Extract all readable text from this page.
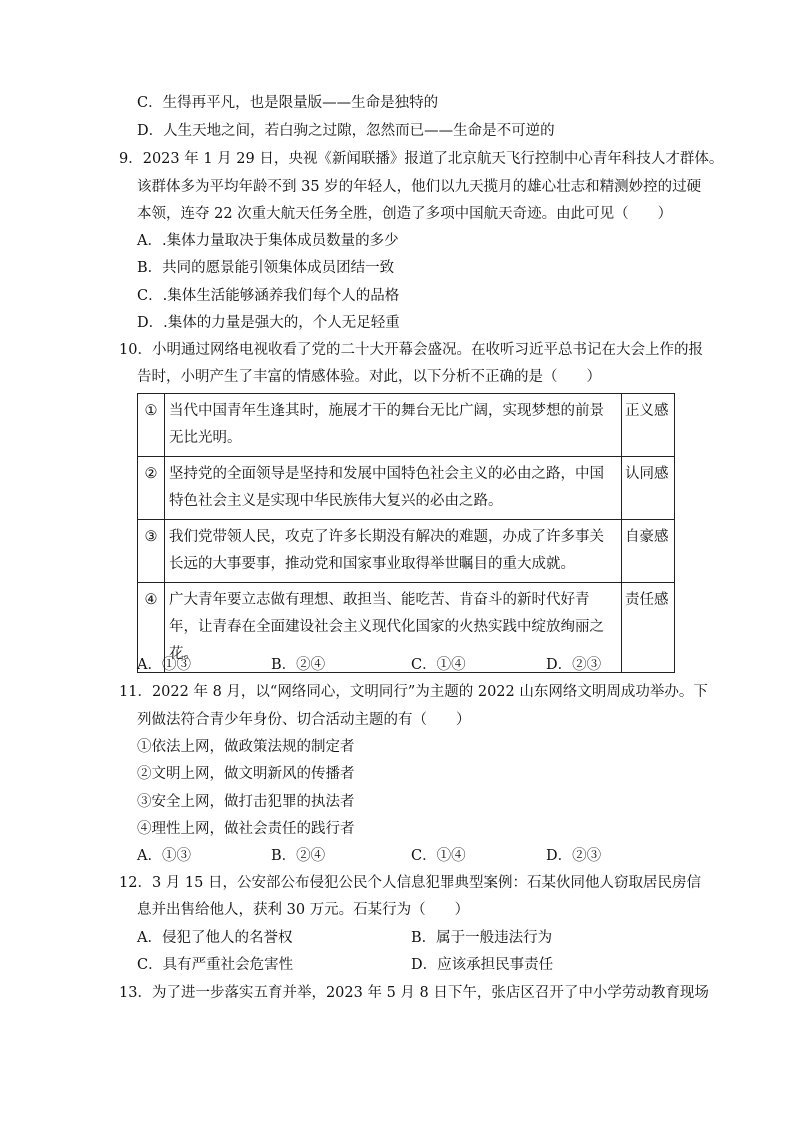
C．生得再平凡，也是限量版——生命是独特的
D．人生天地之间，若白驹之过隙，忽然而已——生命是不可逆的
9．2023 年 1 月 29 日，央视《新闻联播》报道了北京航天飞行控制中心青年科技人才群体。
该群体多为平均年龄不到 35 岁的年轻人，他们以九天揽月的雄心壮志和精测妙控的过硬
本领，连夺 22 次重大航天任务全胜，创造了多项中国航天奇迹。由此可见（　　）
A．.集体力量取决于集体成员数量的多少
B．共同的愿景能引领集体成员团结一致
C．.集体生活能够涵养我们每个人的品格
D．.集体的力量是强大的，个人无足轻重
10．小明通过网络电视收看了党的二十大开幕会盛况。在收听习近平总书记在大会上作的报
告时，小明产生了丰富的情感体验。对此，以下分析不正确的是（　　）
①	当代中国青年生逢其时，施展才干的舞台无比广阔，实现梦想的前景无比光明。	正义感
②	坚持党的全面领导是坚持和发展中国特色社会主义的必由之路，中国特色社会主义是实现中华民族伟大复兴的必由之路。	认同感
③	我们党带领人民，攻克了许多长期没有解决的难题，办成了许多事关长远的大事要事，推动党和国家事业取得举世瞩目的重大成就。	自豪感
④	广大青年要立志做有理想、敢担当、能吃苦、肯奋斗的新时代好青年，让青春在全面建设社会主义现代化国家的火热实践中绽放绚丽之花。	责任感
A．①③	B．②④	C．①④	D．②③
11．2022 年 8 月，以“网络同心，文明同行”为主题的 2022 山东网络文明周成功举办。下
列做法符合青少年身份、切合活动主题的有（　　）
①依法上网，做政策法规的制定者
②文明上网，做文明新风的传播者
③安全上网，做打击犯罪的执法者
④理性上网，做社会责任的践行者
A．①③	B．②④	C．①④	D．②③
12．3 月 15 日，公安部公布侵犯公民个人信息犯罪典型案例：石某伙同他人窃取居民房信
息并出售给他人，获利 30 万元。石某行为（　　）
A．侵犯了他人的名誉权	B．属于一般违法行为
C．具有严重社会危害性	D．应该承担民事责任
13．为了进一步落实五育并举，2023 年 5 月 8 日下午，张店区召开了中小学劳动教育现场
